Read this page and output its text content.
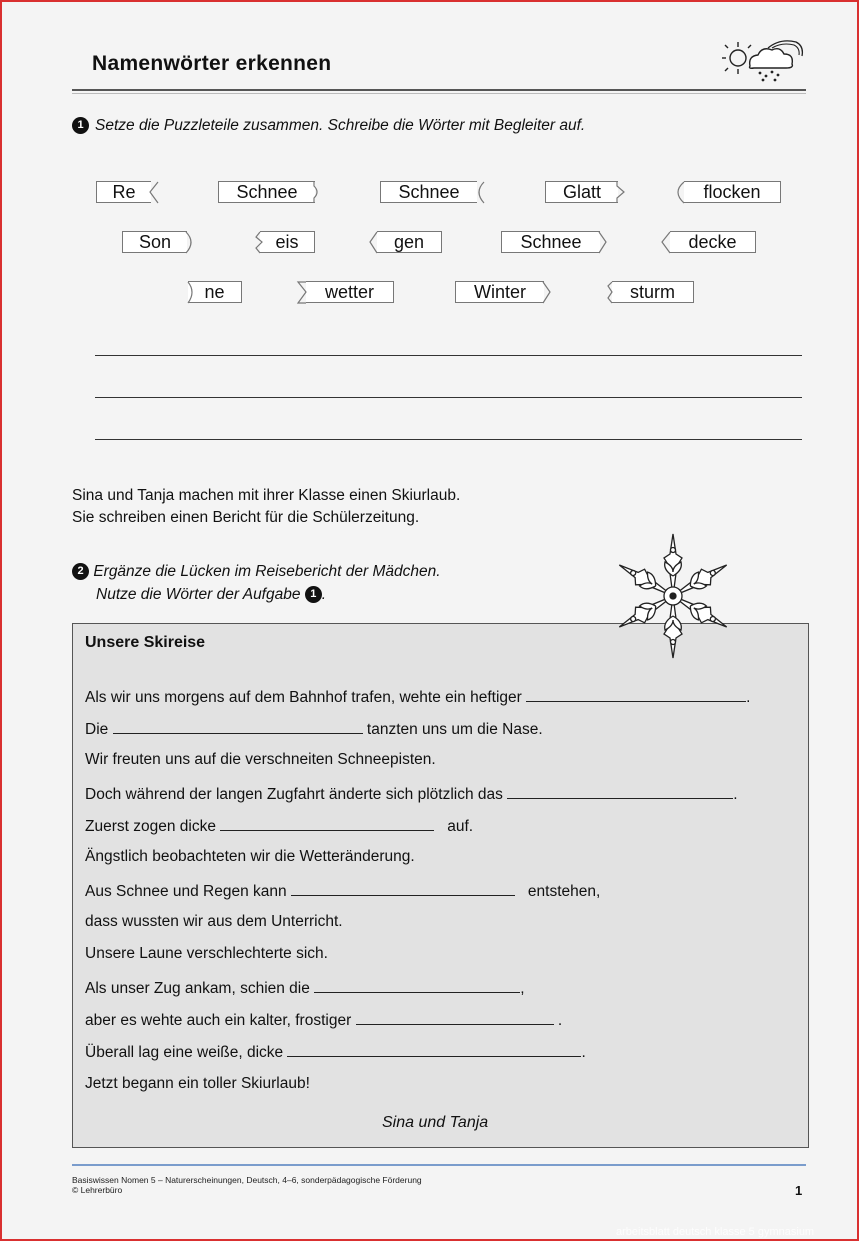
Namenwörter erkennen
1 Setze die Puzzleteile zusammen. Schreibe die Wörter mit Begleiter auf.
Re	Schnee	Schnee	Glatt	flocken
Son	eis	gen	Schnee	decke
ne	wetter	Winter	sturm
Sina und Tanja machen mit ihrer Klasse einen Skiurlaub.
Sie schreiben einen Bericht für die Schülerzeitung.
2 Ergänze die Lücken im Reisebericht der Mädchen.
Nutze die Wörter der Aufgabe 1 .
Unsere Skireise
Als wir uns morgens auf dem Bahnhof trafen, wehte ein heftiger	.
Die	tanzten uns um die Nase.
Wir freuten uns auf die verschneiten Schneepisten.
Doch während der langen Zugfahrt änderte sich plötzlich das	.
Zuerst zogen dicke	auf.
Ängstlich beobachteten wir die Wetteränderung.
Aus Schnee und Regen kann	entstehen,
dass wussten wir aus dem Unterricht.
Unsere Laune verschlechterte sich.
Als unser Zug ankam, schien die	,
aber es wehte auch ein kalter, frostiger	.
Überall lag eine weiße, dicke	.
Jetzt begann ein toller Skiurlaub!
Sina und Tanja
Basiswissen Nomen 5 – Naturerscheinungen, Deutsch, 4–6, sonderpädagogische Förderung
© Lehrerbüro	1
arbeitsblatt deutsch klasse 5 gymnasium
